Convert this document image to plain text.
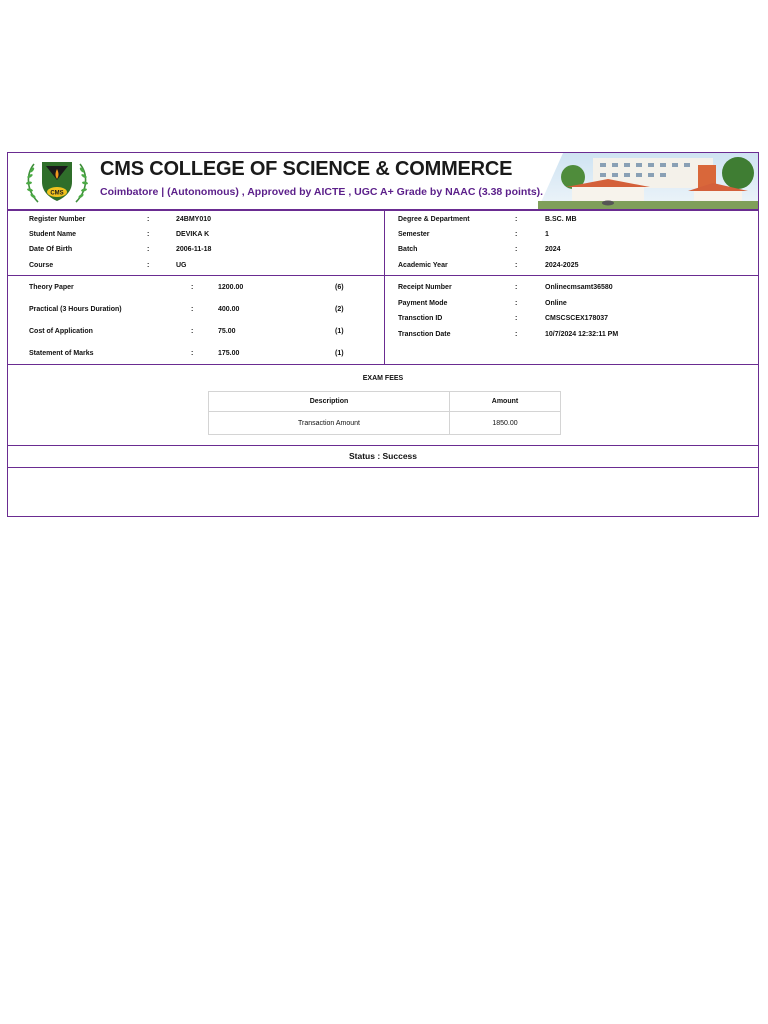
CMS
CMS COLLEGE OF SCIENCE & COMMERCE
Coimbatore | (Autonomous) , Approved by AICTE , UGC A+ Grade by NAAC (3.38 points).
Register Number	:	24BMY010
Student Name	:	DEVIKA K
Date Of Birth	:	2006-11-18
Course	:	UG
Degree & Department	:	B.SC. MB
Semester	:	1
Batch	:	2024
Academic Year	:	2024-2025
Theory Paper	:	1200.00	(6)
Practical (3 Hours Duration)	:	400.00	(2)
Cost of Application	:	75.00	(1)
Statement of Marks	:	175.00	(1)
Receipt Number	:	Onlinecmsamt36580
Payment Mode	:	Online
Transction ID	:	CMSCSCEX178037
Transction Date	:	10/7/2024 12:32:11 PM
EXAM FEES
Description	Amount
Transaction Amount	1850.00
Status : Success
